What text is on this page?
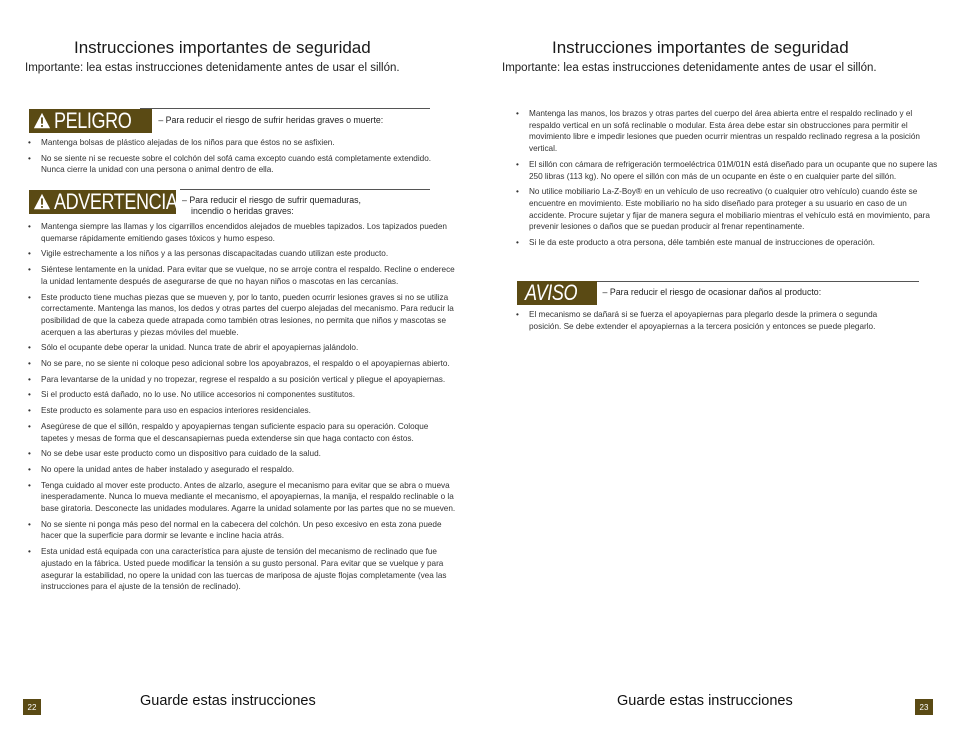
Instrucciones importantes de seguridad
Importante: lea estas instrucciones detenidamente antes de usar el sillón.
PELIGRO	– Para reducir el riesgo de sufrir heridas graves o muerte:
• Mantenga bolsas de plástico alejadas de los niños para que éstos no se asfixien.
• No se siente ni se recueste sobre el colchón del sofá cama excepto cuando está completamente extendido. Nunca cierre la unidad con una persona o animal dentro de ella.
ADVERTENCIA – Para reducir el riesgo de sufrir quemaduras,
incendio o heridas graves:
• Mantenga siempre las llamas y los cigarrillos encendidos alejados de muebles tapizados. Los tapizados pueden quemarse rápidamente emitiendo gases tóxicos y humo espeso.
• Vigile estrechamente a los niños y a las personas discapacitadas cuando utilizan este producto.
• Siéntese lentamente en la unidad. Para evitar que se vuelque, no se arroje contra el respaldo. Recline o enderece la unidad lentamente después de asegurarse de que no hayan niños o mascotas en las cercanías.
• Este producto tiene muchas piezas que se mueven y, por lo tanto, pueden ocurrir lesiones graves si no se utiliza correctamente. Mantenga las manos, los dedos y otras partes del cuerpo alejadas del mecanismo. Para reducir la posibilidad de que la cabeza quede atrapada como también otras lesiones, no permita que niños y mascotas se acerquen a las aberturas y piezas móviles del mueble.
• Sólo el ocupante debe operar la unidad. Nunca trate de abrir el apoyapiernas jalándolo.
• No se pare, no se siente ni coloque peso adicional sobre los apoyabrazos, el respaldo o el apoyapiernas abierto.
• Para levantarse de la unidad y no tropezar, regrese el respaldo a su posición vertical y pliegue el apoyapiernas.
• Si el producto está dañado, no lo use. No utilice accesorios ni componentes sustitutos.
• Este producto es solamente para uso en espacios interiores residenciales.
• Asegúrese de que el sillón, respaldo y apoyapiernas tengan suficiente espacio para su operación. Coloque tapetes y mesas de forma que el descansapiernas pueda extenderse sin que haga contacto con éstos.
• No se debe usar este producto como un dispositivo para cuidado de la salud.
• No opere la unidad antes de haber instalado y asegurado el respaldo.
• Tenga cuidado al mover este producto. Antes de alzarlo, asegure el mecanismo para evitar que se abra o mueva inesperadamente. Nunca lo mueva mediante el mecanismo, el apoyapiernas, la manija, el respaldo reclinable o la base giratoria. Desconecte las unidades modulares. Agarre la unidad solamente por las partes que no se mueven.
• No se siente ni ponga más peso del normal en la cabecera del colchón. Un peso excesivo en esta zona puede hacer que la superficie para dormir se levante e incline hacia atrás.
• Esta unidad está equipada con una característica para ajuste de tensión del mecanismo de reclinado que fue ajustado en la fábrica. Usted puede modificar la tensión a su gusto personal. Para evitar que se vuelque y para asegurar la estabilidad, no opere la unidad con las tuercas de mariposa de ajuste flojas completamente (vea las instrucciones para el ajuste de la tensión de reclinado).
22	Guarde estas instrucciones
Instrucciones importantes de seguridad
Importante: lea estas instrucciones detenidamente antes de usar el sillón.
• Mantenga las manos, los brazos y otras partes del cuerpo del área abierta entre el respaldo reclinado y el respaldo vertical en un sofá reclinable o modular. Esta área debe estar sin obstrucciones para permitir el movimiento libre e impedir lesiones que pueden ocurrir mientras un respaldo reclinado regresa a la posición vertical.
• El sillón con cámara de refrigeración termoeléctrica 01M/01N está diseñado para un ocupante que no supere las 250 libras (113 kg). No opere el sillón con más de un ocupante en éste o en cualquier parte del sillón.
• No utilice mobiliario La-Z-Boy® en un vehículo de uso recreativo (o cualquier otro vehículo) cuando éste se encuentre en movimiento. Este mobiliario no ha sido diseñado para proteger a su usuario en caso de un accidente. Procure sujetar y fijar de manera segura el mobiliario mientras el vehículo está en movimiento, para prevenir lesiones o daños que se puedan producir al frenar repentinamente.
• Si le da este producto a otra persona, déle también este manual de instrucciones de operación.
AVISO	– Para reducir el riesgo de ocasionar daños al producto:
• El mecanismo se dañará si se fuerza el apoyapiernas para plegarlo desde la primera o segunda posición. Se debe extender el apoyapiernas a la tercera posición y entonces se puede plegarlo.
Guarde estas instrucciones	23
